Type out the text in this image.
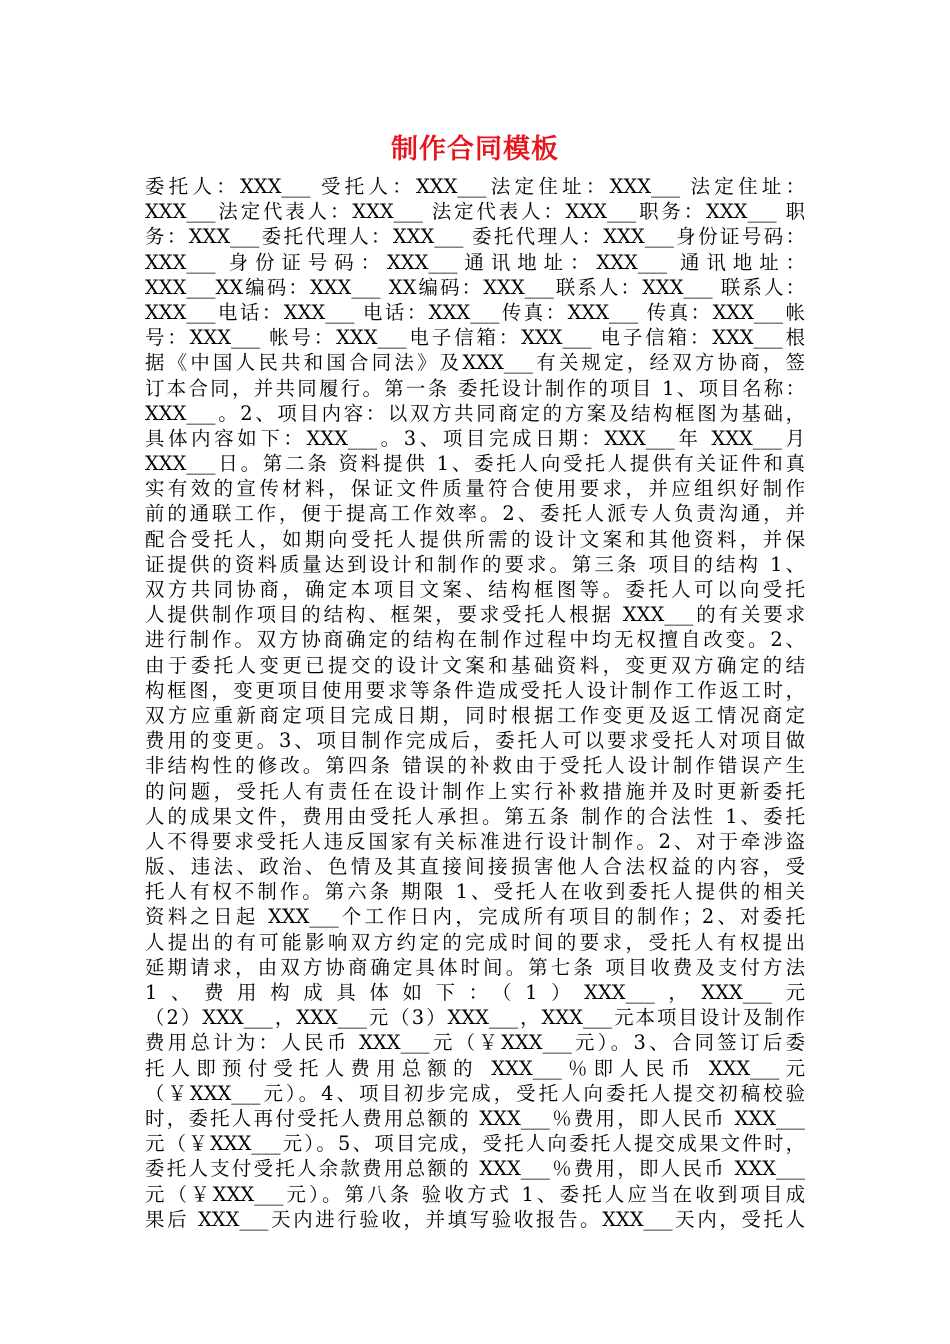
制作合同模板
委托人：XXX___ 受托人：XXX___法定住址：XXX___ 法定住址：
XXX___法定代表人：XXX___ 法定代表人：XXX___职务：XXX___ 职
务：XXX___委托代理人：XXX___ 委托代理人：XXX___身份证号码：
XXX___ 身份证号码：XXX___通讯地址：XXX___ 通讯地址：
XXX___XX编码：XXX___ XX编码：XXX___联系人：XXX___ 联系人：
XXX___电话：XXX___ 电话：XXX___传真：XXX___ 传真：XXX___帐
号：XXX___ 帐号：XXX___电子信箱：XXX___ 电子信箱：XXX___根
据《中国人民共和国合同法》及XXX___有关规定，经双方协商，签
订本合同，并共同履行。第一条 委托设计制作的项目 1、项目名称：
XXX___。2、项目内容：以双方共同商定的方案及结构框图为基础，
具体内容如下：XXX___。3、项目完成日期：XXX___年 XXX___月
XXX___日。第二条 资料提供 1、委托人向受托人提供有关证件和真
实有效的宣传材料，保证文件质量符合使用要求，并应组织好制作
前的通联工作，便于提高工作效率。2、委托人派专人负责沟通，并
配合受托人，如期向受托人提供所需的设计文案和其他资料，并保
证提供的资料质量达到设计和制作的要求。第三条 项目的结构 1、
双方共同协商，确定本项目文案、结构框图等。委托人可以向受托
人提供制作项目的结构、框架，要求受托人根据 XXX___的有关要求
进行制作。双方协商确定的结构在制作过程中均无权擅自改变。2、
由于委托人变更已提交的设计文案和基础资料，变更双方确定的结
构框图，变更项目使用要求等条件造成受托人设计制作工作返工时，
双方应重新商定项目完成日期，同时根据工作变更及返工情况商定
费用的变更。3、项目制作完成后，委托人可以要求受托人对项目做
非结构性的修改。第四条 错误的补救由于受托人设计制作错误产生
的问题，受托人有责任在设计制作上实行补救措施并及时更新委托
人的成果文件，费用由受托人承担。第五条 制作的合法性 1、委托
人不得要求受托人违反国家有关标准进行设计制作。2、对于牵涉盗
版、违法、政治、色情及其直接间接损害他人合法权益的内容，受
托人有权不制作。第六条 期限 1、受托人在收到委托人提供的相关
资料之日起 XXX___个工作日内，完成所有项目的制作；2、对委托
人提出的有可能影响双方约定的完成时间的要求，受托人有权提出
延期请求，由双方协商确定具体时间。第七条 项目收费及支付方法
1、费用构成具体如下：（1）XXX___，XXX___元
（2）XXX___，XXX___元（3）XXX___，XXX___元本项目设计及制作
费用总计为：人民币 XXX___元（￥XXX___元）。3、合同签订后委
托人即预付受托人费用总额的 XXX___％即人民币 XXX___元
（￥XXX___元）。4、项目初步完成，受托人向委托人提交初稿校验
时，委托人再付受托人费用总额的 XXX___％费用，即人民币 XXX___
元（￥XXX___元）。5、项目完成，受托人向委托人提交成果文件时，
委托人支付受托人余款费用总额的 XXX___％费用，即人民币 XXX___
元（￥XXX___元）。第八条 验收方式 1、委托人应当在收到项目成
果后 XXX___天内进行验收，并填写验收报告。XXX___天内，受托人
